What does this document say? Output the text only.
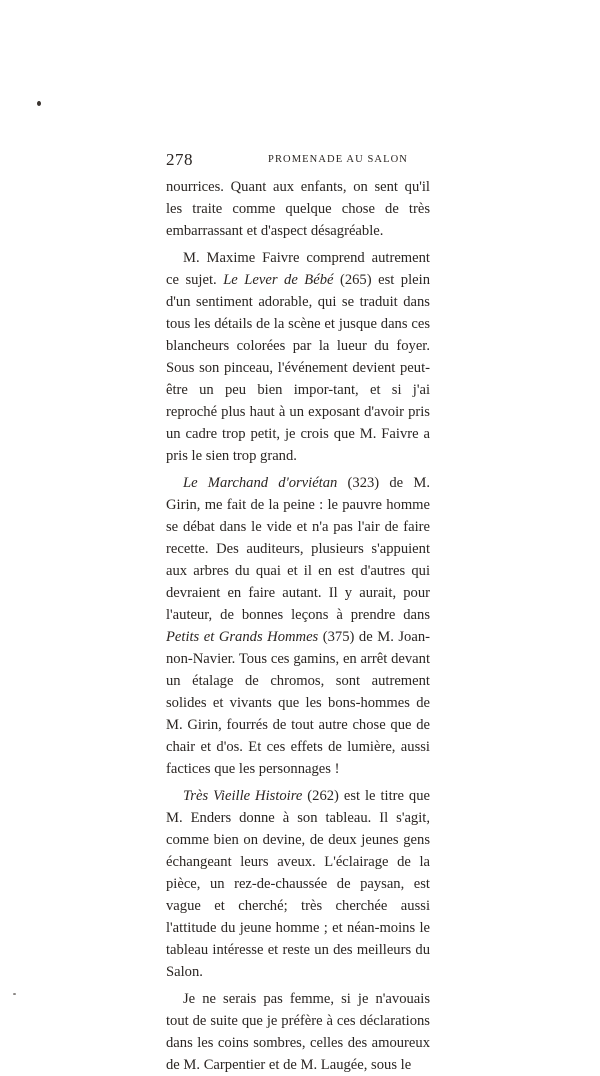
278	PROMENADE AU SALON

nourrices. Quant aux enfants, on sent qu'il les traite comme quelque chose de très embarrassant et d'aspect désagréable.

M. Maxime Faivre comprend autrement ce sujet. Le Lever de Bébé (265) est plein d'un sentiment adorable, qui se traduit dans tous les détails de la scène et jusque dans ces blancheurs colorées par la lueur du foyer. Sous son pinceau, l'événement devient peut-être un peu bien impor-tant, et si j'ai reproché plus haut à un exposant d'avoir pris un cadre trop petit, je crois que M. Faivre a pris le sien trop grand.

Le Marchand d'orviétan (323) de M. Girin, me fait de la peine : le pauvre homme se débat dans le vide et n'a pas l'air de faire recette. Des auditeurs, plusieurs s'appuient aux arbres du quai et il en est d'autres qui devraient en faire autant. Il y aurait, pour l'auteur, de bonnes leçons à prendre dans Petits et Grands Hommes (375) de M. Joan-non-Navier. Tous ces gamins, en arrêt devant un étalage de chromos, sont autrement solides et vivants que les bons-hommes de M. Girin, fourrés de tout autre chose que de chair et d'os. Et ces effets de lumière, aussi factices que les personnages !

Très Vieille Histoire (262) est le titre que M. Enders donne à son tableau. Il s'agit, comme bien on devine, de deux jeunes gens échangeant leurs aveux. L'éclairage de la pièce, un rez-de-chaussée de paysan, est vague et cherché; très cherchée aussi l'attitude du jeune homme ; et néan-moins le tableau intéresse et reste un des meilleurs du Salon.

Je ne serais pas femme, si je n'avouais tout de suite que je préfère à ces déclarations dans les coins sombres, celles des amoureux de M. Carpentier et de M. Laugée, sous le
